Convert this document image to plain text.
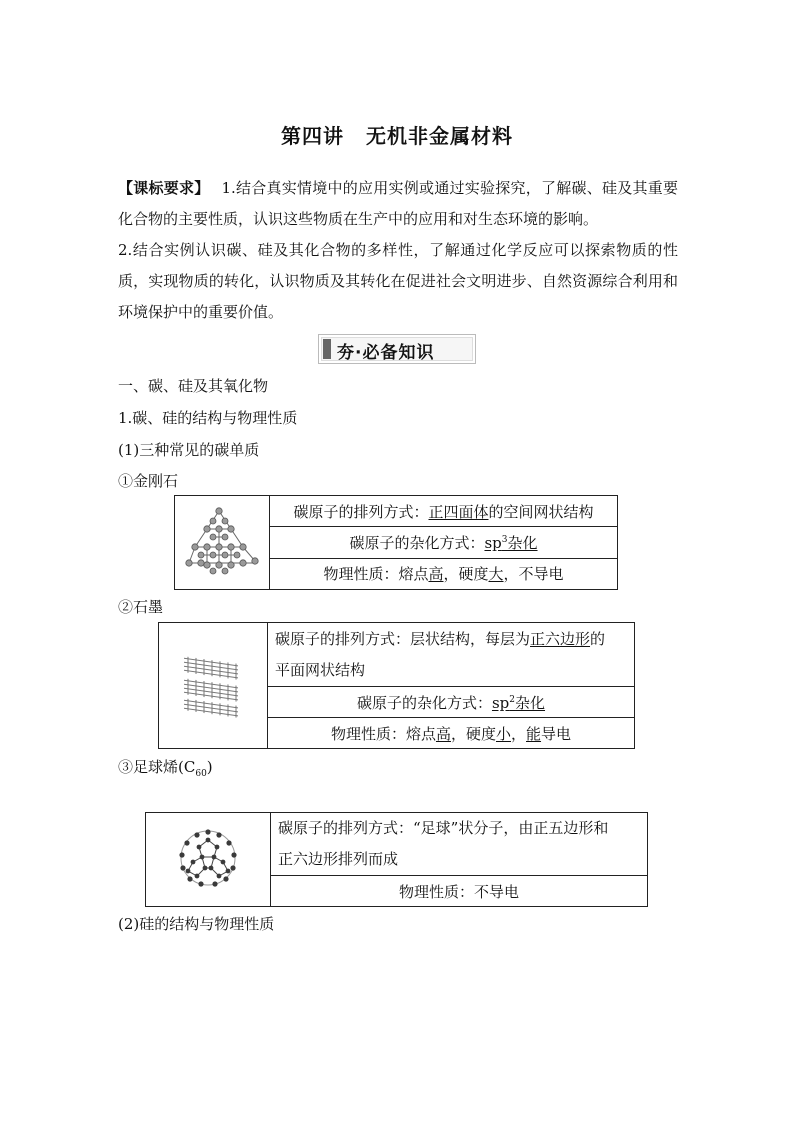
第四讲 无机非金属材料
【课标要求】 1.结合真实情境中的应用实例或通过实验探究，了解碳、硅及其重要化合物的主要性质，认识这些物质在生产中的应用和对生态环境的影响。
2.结合实例认识碳、硅及其化合物的多样性，了解通过化学反应可以探索物质的性质，实现物质的转化，认识物质及其转化在促进社会文明进步、自然资源综合利用和环境保护中的重要价值。
夯·必备知识
一、碳、硅及其氧化物
1.碳、硅的结构与物理性质
(1)三种常见的碳单质
①金刚石
	碳原子的排列方式：正四面体的空间网状结构
碳原子的杂化方式：$sp^3$杂化
物理性质：熔点高，硬度大，不导电
②石墨
	碳原子的排列方式：层状结构，每层为正六边形的
平面网状结构
碳原子的杂化方式：$sp^2$杂化
物理性质：熔点高，硬度小，能导电
③足球烯$(C_{60})$
	碳原子的排列方式：“足球”状分子，由正五边形和
正六边形排列而成
物理性质：不导电
(2)硅的结构与物理性质
